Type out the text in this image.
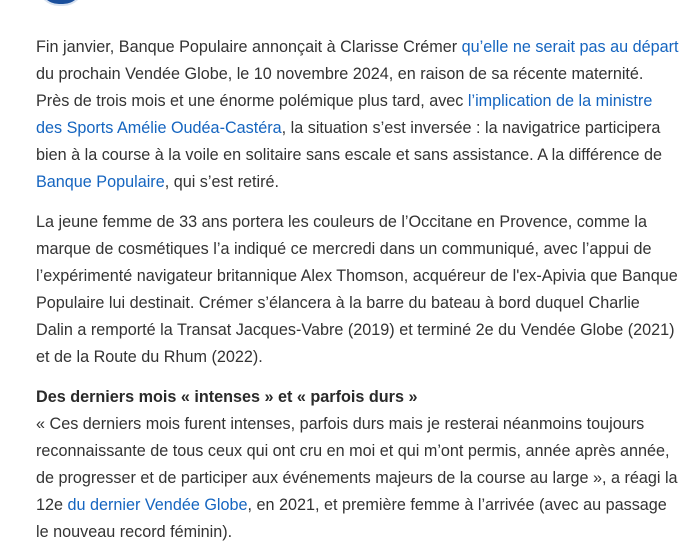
Fin janvier, Banque Populaire annonçait à Clarisse Crémer qu’elle ne serait pas au départ du prochain Vendée Globe, le 10 novembre 2024, en raison de sa récente maternité. Près de trois mois et une énorme polémique plus tard, avec l’implication de la ministre des Sports Amélie Oudéa-Castéra, la situation s’est inversée : la navigatrice participera bien à la course à la voile en solitaire sans escale et sans assistance. A la différence de Banque Populaire, qui s’est retiré.

La jeune femme de 33 ans portera les couleurs de l’Occitane en Provence, comme la marque de cosmétiques l’a indiqué ce mercredi dans un communiqué, avec l’appui de l’expérimenté navigateur britannique Alex Thomson, acquéreur de l'ex-Apivia que Banque Populaire lui destinait. Crémer s’élancera à la barre du bateau à bord duquel Charlie Dalin a remporté la Transat Jacques-Vabre (2019) et terminé 2e du Vendée Globe (2021) et de la Route du Rhum (2022).

Des derniers mois « intenses » et « parfois durs »

« Ces derniers mois furent intenses, parfois durs mais je resterai néanmoins toujours reconnaissante de tous ceux qui ont cru en moi et qui m’ont permis, année après année, de progresser et de participer aux événements majeurs de la course au large », a réagi la 12e du dernier Vendée Globe, en 2021, et première femme à l’arrivée (avec au passage le nouveau record féminin).
